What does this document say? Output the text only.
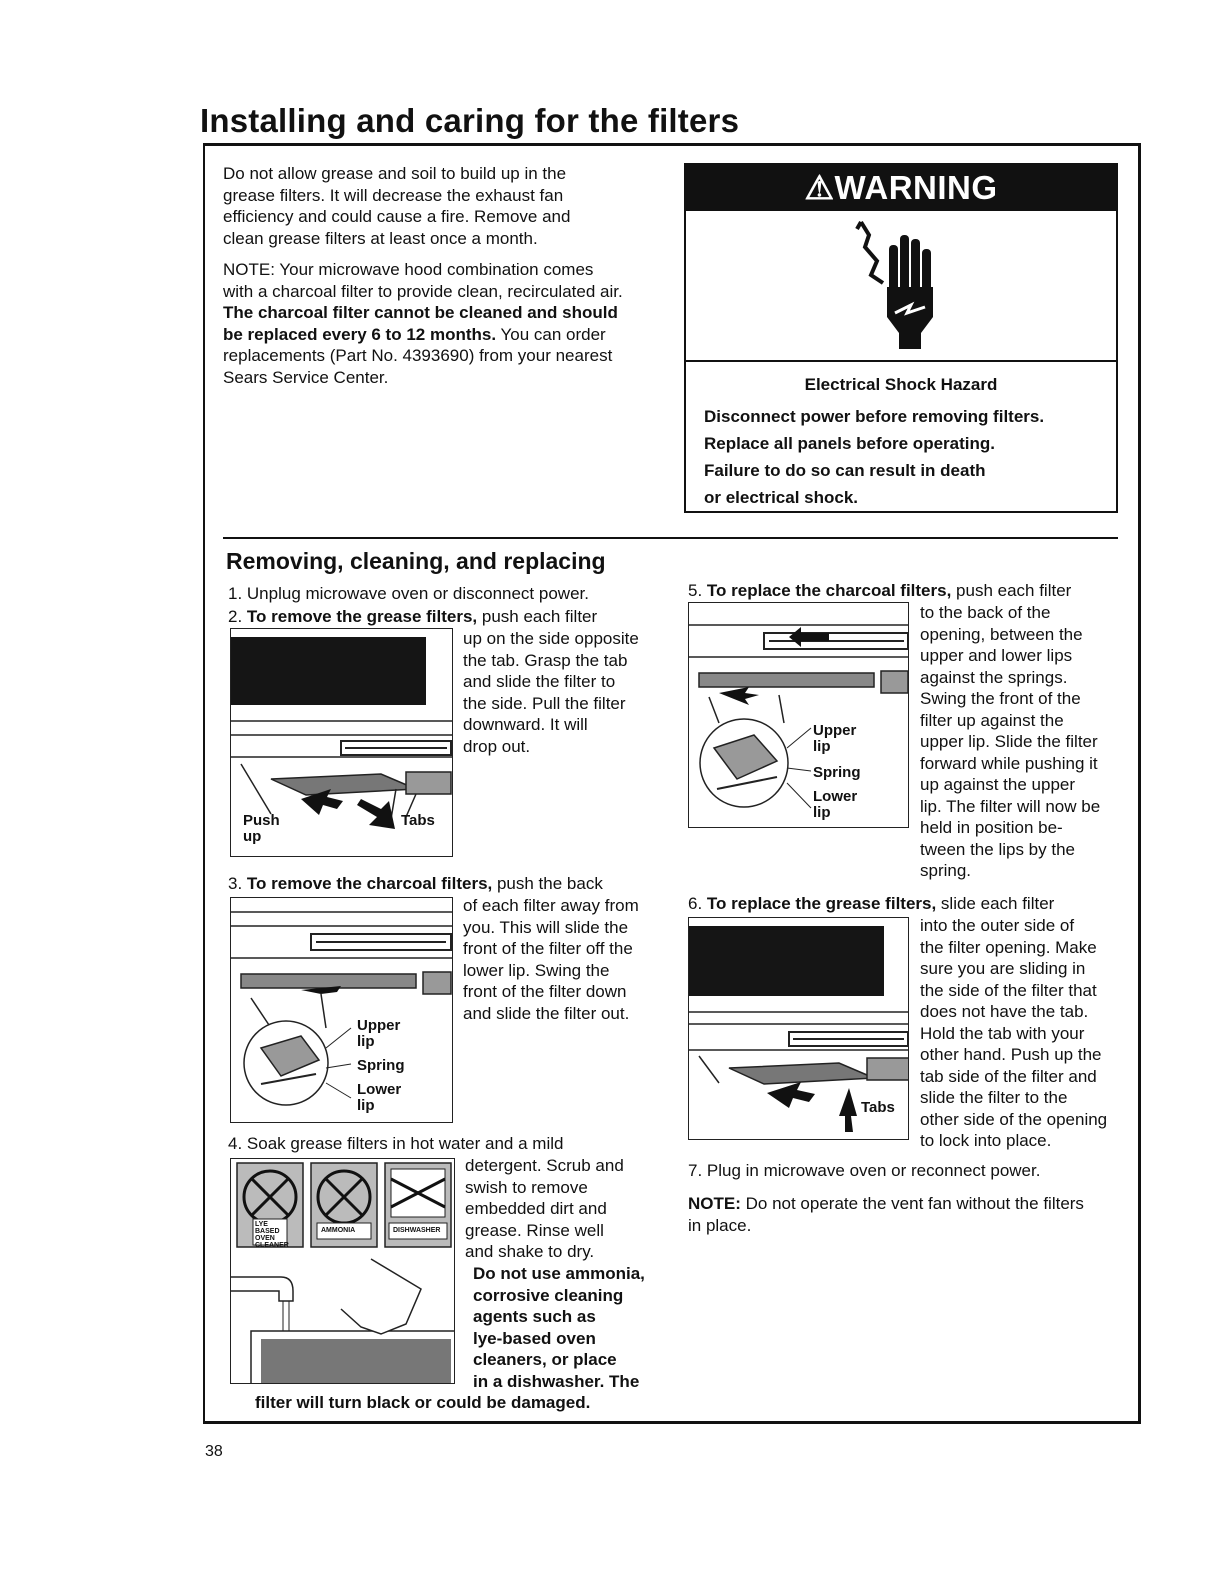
Installing and caring for the filters

Do not allow grease and soil to build up in the
grease filters. It will decrease the exhaust fan
efficiency and could cause a fire. Remove and
clean grease filters at least once a month.

NOTE: Your microwave hood combination comes
with a charcoal filter to provide clean, recirculated air.
The charcoal filter cannot be cleaned and should
be replaced every 6 to 12 months. You can order
replacements (Part No. 4393690) from your nearest
Sears Service Center.

⚠WARNING
Electrical Shock Hazard
Disconnect power before removing filters.
Replace all panels before operating.
Failure to do so can result in death
or electrical shock.
Removing, cleaning, and replacing
1. Unplug microwave oven or disconnect power.
2. To remove the grease filters, push each filter
up on the side opposite
the tab. Grasp the tab
and slide the filter to
the side. Pull the filter
downward. It will
drop out.
Push
up
Tabs
3. To remove the charcoal filters, push the back
of each filter away from
you. This will slide the
front of the filter off the
lower lip. Swing the
front of the filter down
and slide the filter out.
Upper
lip
Spring
Lower
lip
4. Soak grease filters in hot water and a mild
detergent. Scrub and
swish to remove
embedded dirt and
grease. Rinse well
and shake to dry.
Do not use ammonia,
corrosive cleaning
agents such as
lye-based oven
cleaners, or place
in a dishwasher. The
filter will turn black or could be damaged.
LYE
BASED
OVEN
CLEANER
AMMONIA	DISHWASHER
5. To replace the charcoal filters, push each filter
to the back of the
opening, between the
upper and lower lips
against the springs.
Swing the front of the
filter up against the
upper lip. Slide the filter
forward while pushing it
up against the upper
lip. The filter will now be
held in position be-
tween the lips by the
spring.
Upper
lip
Spring
Lower
lip
6. To replace the grease filters, slide each filter
into the outer side of
the filter opening. Make
sure you are sliding in
the side of the filter that
does not have the tab.
Hold the tab with your
other hand. Push up the
tab side of the filter and
slide the filter to the
other side of the opening
to lock into place.
Tabs
7. Plug in microwave oven or reconnect power.
NOTE: Do not operate the vent fan without the filters
in place.
38
